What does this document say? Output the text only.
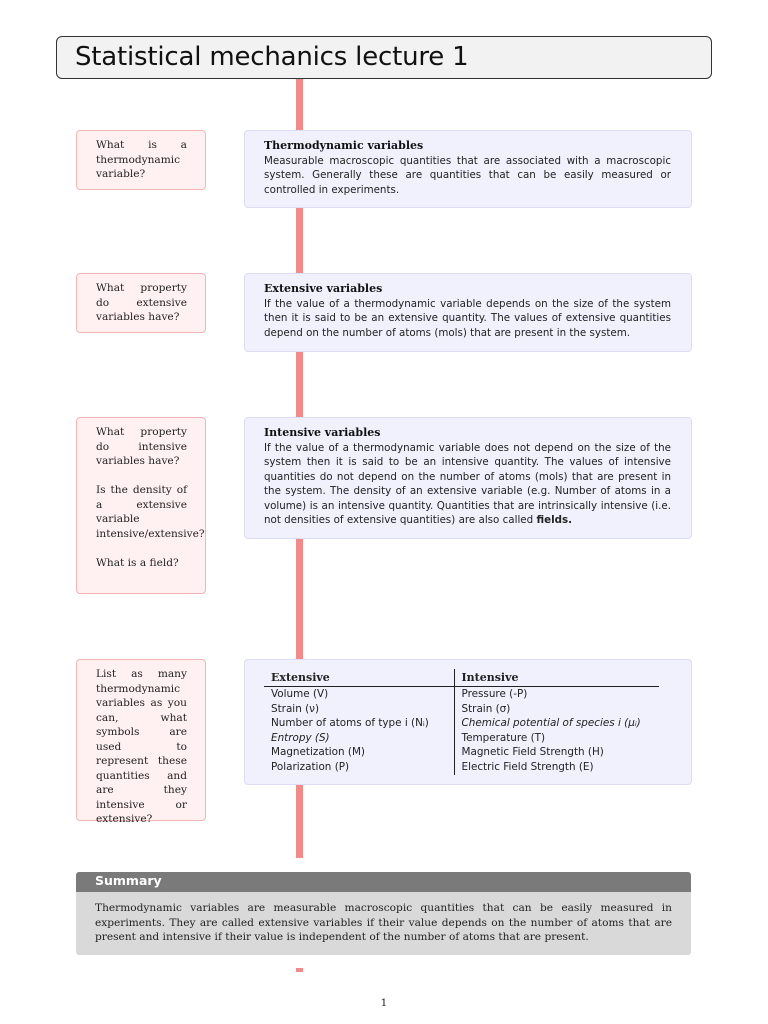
Statistical mechanics lecture 1

What is a thermodynamic variable?

Thermodynamic variables
Measurable macroscopic quantities that are associated with a macroscopic system. Generally these are quantities that can be easily measured or controlled in experiments.

What property do extensive variables have?

Extensive variables
If the value of a thermodynamic variable depends on the size of the system then it is said to be an extensive quantity. The values of extensive quantities depend on the number of atoms (mols) that are present in the system.

What property do intensive variables have?

Is the density of a extensive variable intensive/extensive?

What is a field?

Intensive variables
If the value of a thermodynamic variable does not depend on the size of the system then it is said to be an intensive quantity. The values of intensive quantities do not depend on the number of atoms (mols) that are present in the system. The density of an extensive variable (e.g. Number of atoms in a volume) is an intensive quantity. Quantities that are intrinsically intensive (i.e. not densities of extensive quantities) are also called fields.

List as many thermodynamic variables as you can, what symbols are used to represent these quantities and are they intensive or extensive?

Extensive	Intensive
Volume (V)	Pressure (-P)
Strain (ν)	Strain (σ)
Number of atoms of type i (Nᵢ)	Chemical potential of species i (μᵢ)
Entropy (S)	Temperature (T)
Magnetization (M)	Magnetic Field Strength (H)
Polarization (P)	Electric Field Strength (E)
Summary
Thermodynamic variables are measurable macroscopic quantities that can be easily measured in experiments. They are called extensive variables if their value depends on the number of atoms that are present and intensive if their value is independent of the number of atoms that are present.
1
